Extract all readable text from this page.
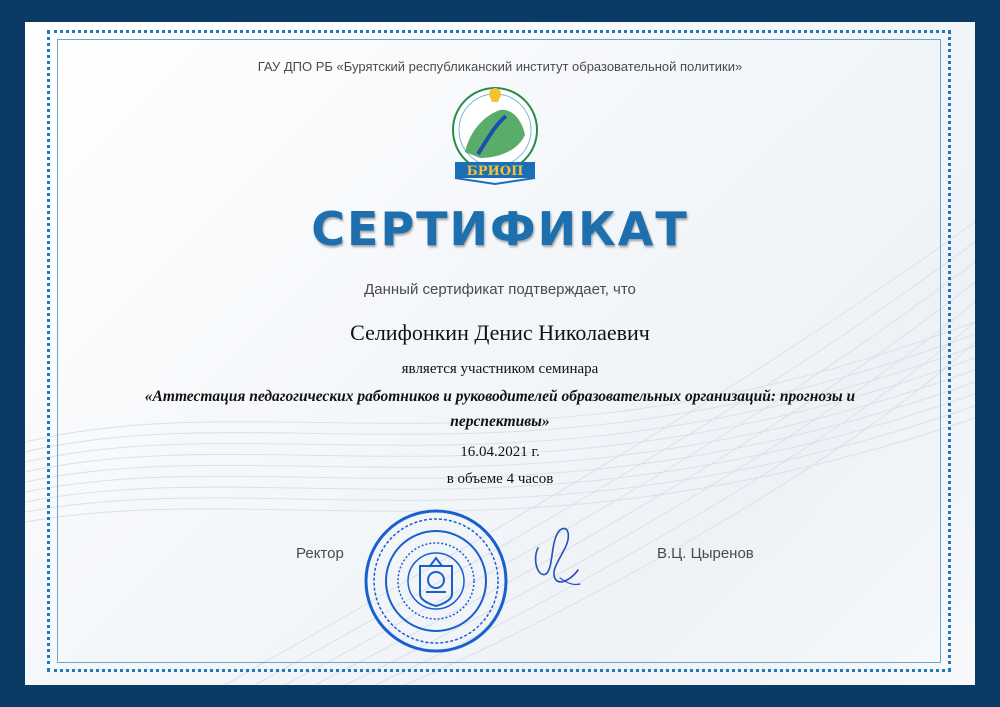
ГАУ ДПО РБ «Бурятский республиканский институт образовательной политики»
БРИОП
СЕРТИФИКАТ
Данный сертификат подтверждает, что
Селифонкин Денис Николаевич
является участником семинара
«Аттестация педагогических работников и руководителей образовательных организаций: прогнозы и
перспективы»
16.04.2021 г.
в объеме 4 часов
Ректор	В.Ц. Цыренов
